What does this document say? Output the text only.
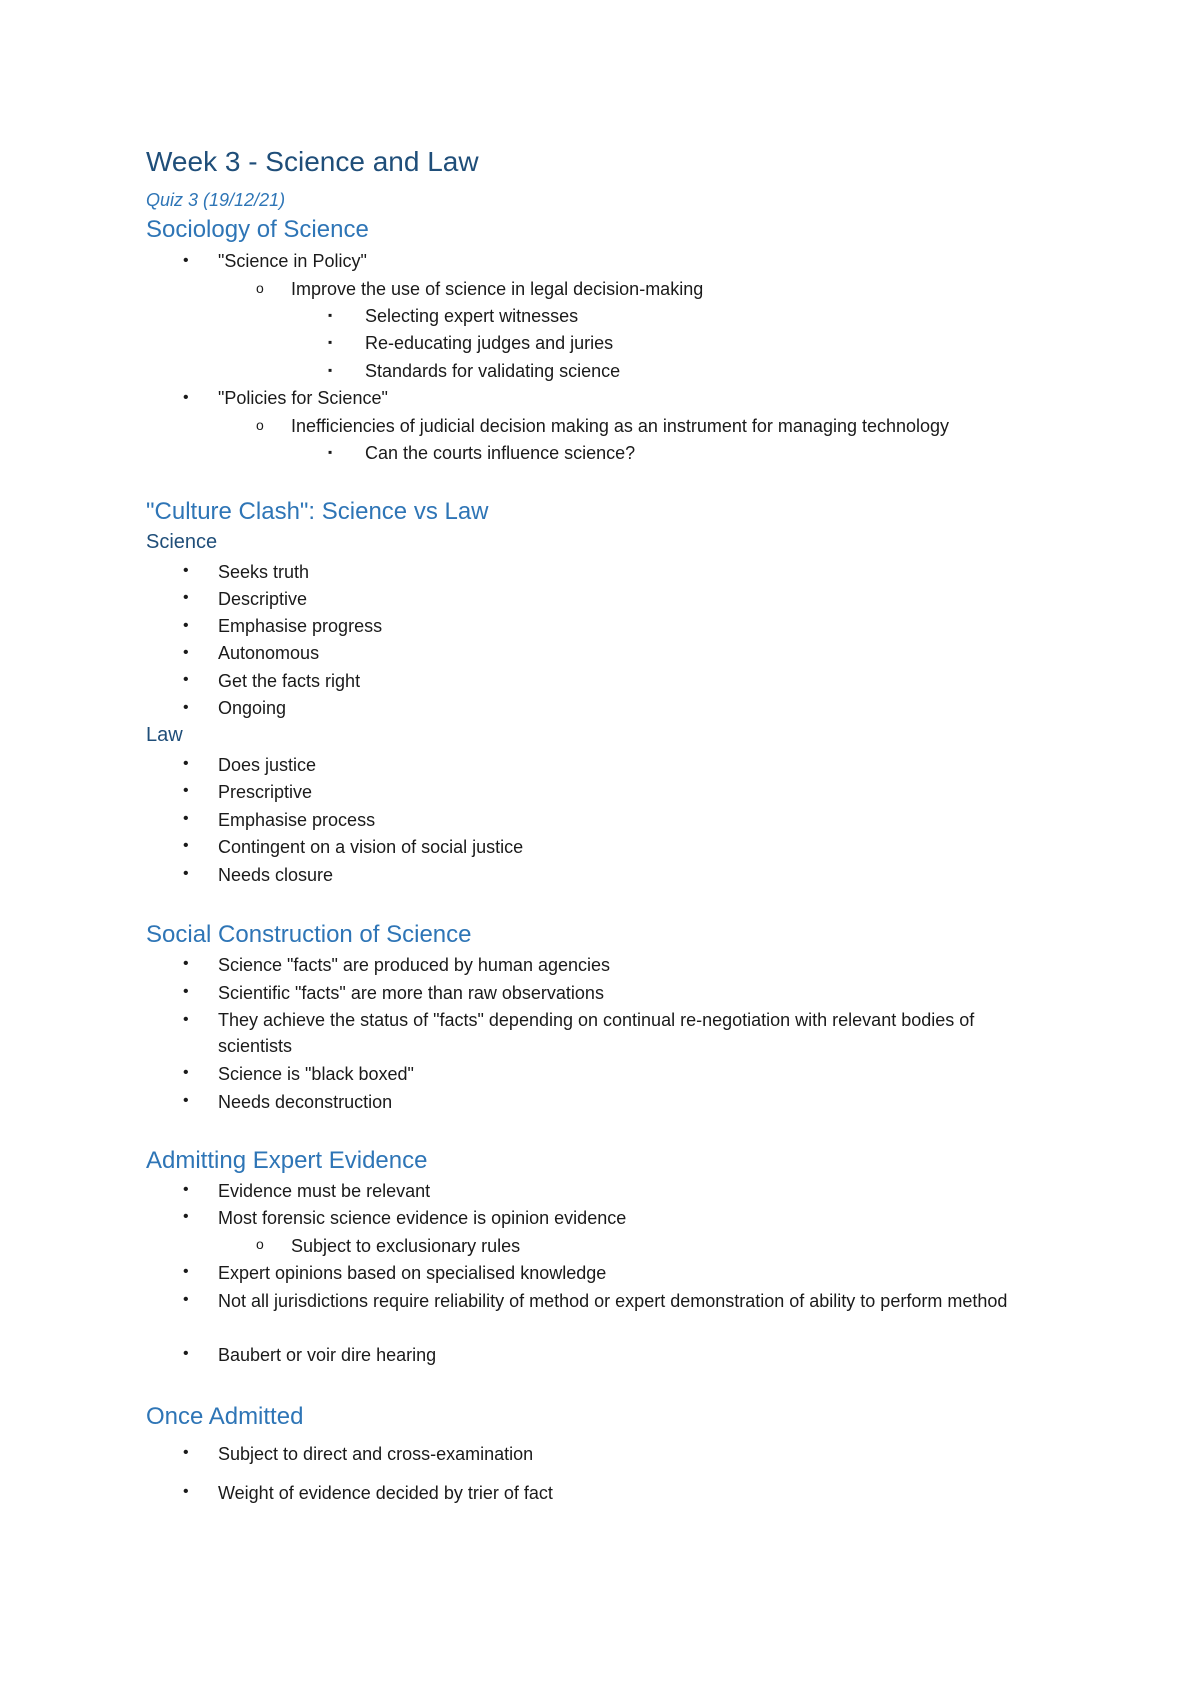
Week 3 - Science and Law
Quiz 3 (19/12/21)
Sociology of Science
• "Science in Policy"
o Improve the use of science in legal decision-making
▪ Selecting expert witnesses
▪ Re-educating judges and juries
▪ Standards for validating science
• "Policies for Science"
o Inefficiencies of judicial decision making as an instrument for managing technology
▪ Can the courts influence science?
"Culture Clash": Science vs Law
Science
• Seeks truth
• Descriptive
• Emphasise progress
• Autonomous
• Get the facts right
• Ongoing
Law
• Does justice
• Prescriptive
• Emphasise process
• Contingent on a vision of social justice
• Needs closure
Social Construction of Science
• Science "facts" are produced by human agencies
• Scientific "facts" are more than raw observations
• They achieve the status of "facts" depending on continual re-negotiation with relevant bodies of scientists
• Science is "black boxed"
• Needs deconstruction
Admitting Expert Evidence
• Evidence must be relevant
• Most forensic science evidence is opinion evidence
o Subject to exclusionary rules
• Expert opinions based on specialised knowledge
• Not all jurisdictions require reliability of method or expert demonstration of ability to perform method
• Baubert or voir dire hearing
Once Admitted
• Subject to direct and cross-examination
• Weight of evidence decided by trier of fact
